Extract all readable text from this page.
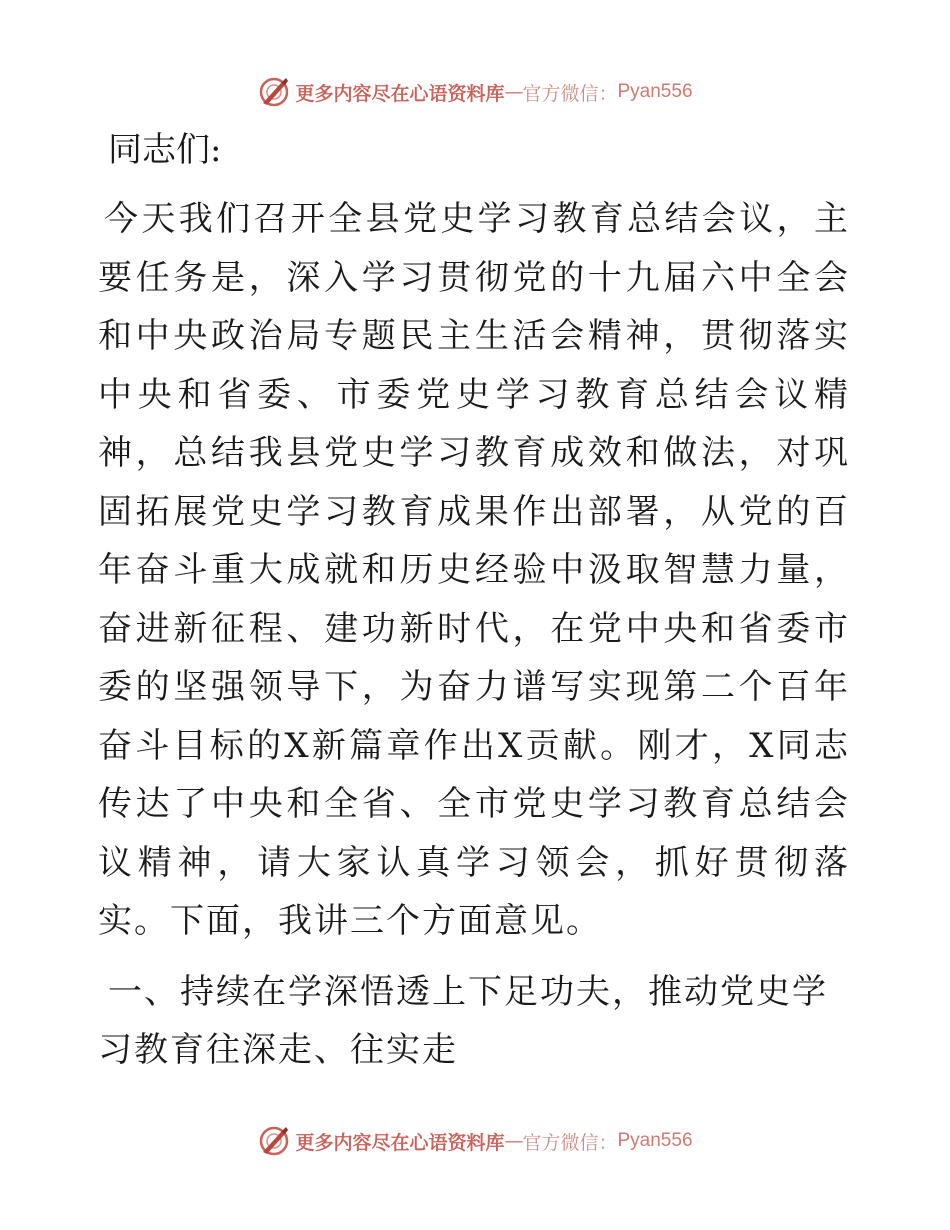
更多内容尽在心语资料库 — 官方微信： Pyan556

同志们:

今天我们召开全县党史学习教育总结会议，主要任务是，深入学习贯彻党的十九届六中全会和中央政治局专题民主生活会精神，贯彻落实中央和省委、市委党史学习教育总结会议精神，总结我县党史学习教育成效和做法，对巩固拓展党史学习教育成果作出部署，从党的百年奋斗重大成就和历史经验中汲取智慧力量，奋进新征程、建功新时代，在党中央和省委市委的坚强领导下，为奋力谱写实现第二个百年奋斗目标的X新篇章作出X贡献。刚才，X同志传达了中央和全省、全市党史学习教育总结会议精神，请大家认真学习领会，抓好贯彻落实。下面，我讲三个方面意见。

一、持续在学深悟透上下足功夫，推动党史学习教育往深走、往实走

更多内容尽在心语资料库 — 官方微信： Pyan556
